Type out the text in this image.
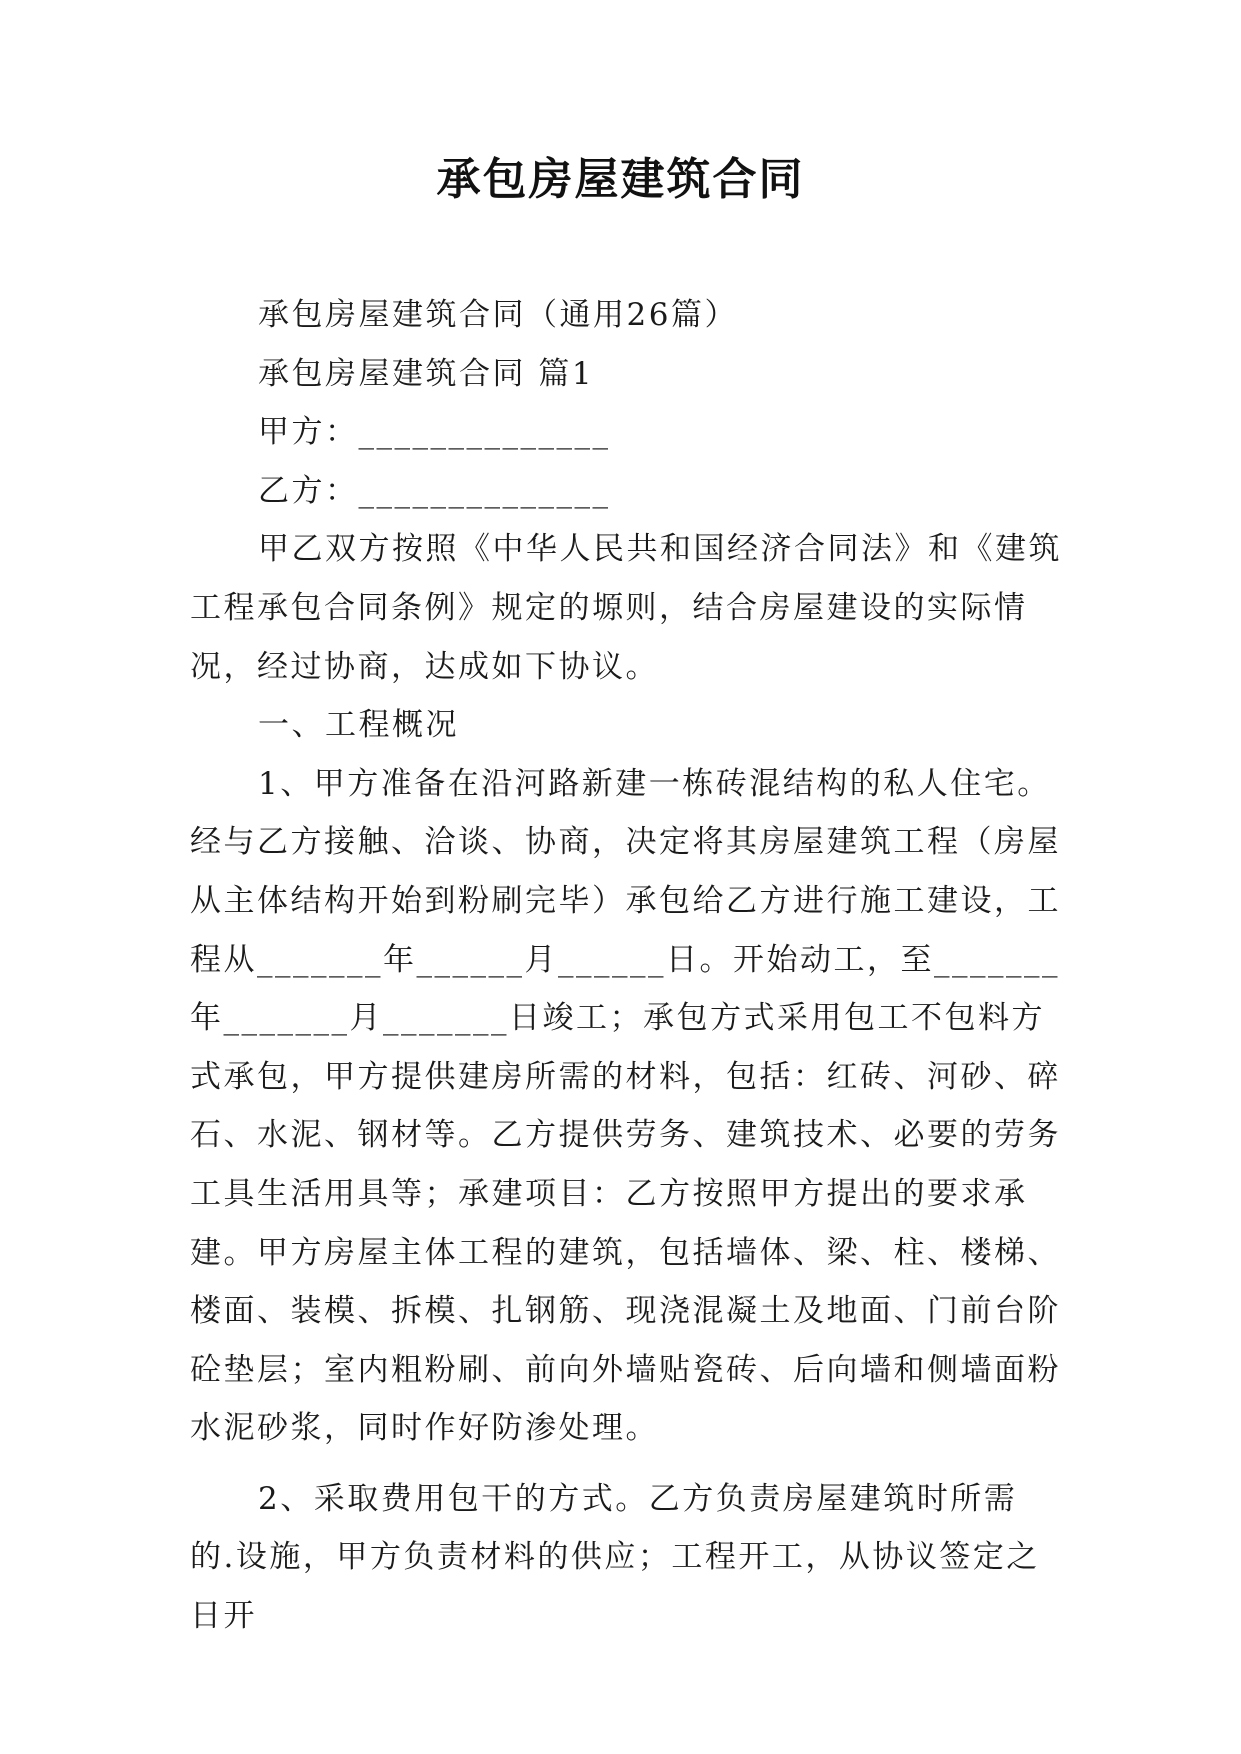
承包房屋建筑合同

承包房屋建筑合同（通用26篇）

承包房屋建筑合同 篇1

甲方：______________

乙方：______________

甲乙双方按照《中华人民共和国经济合同法》和《建筑工程承包合同条例》规定的塬则，结合房屋建设的实际情况，经过协商，达成如下协议。

一、工程概况

1、甲方准备在沿河路新建一栋砖混结构的私人住宅。经与乙方接触、洽谈、协商，决定将其房屋建筑工程（房屋从主体结构开始到粉刷完毕）承包给乙方进行施工建设，工程从_______年______月______日。开始动工，至_______年_______月_______日竣工；承包方式采用包工不包料方式承包，甲方提供建房所需的材料，包括：红砖、河砂、碎石、水泥、钢材等。乙方提供劳务、建筑技术、必要的劳务工具生活用具等；承建项目：乙方按照甲方提出的要求承建。甲方房屋主体工程的建筑，包括墙体、梁、柱、楼梯、楼面、装模、拆模、扎钢筋、现浇混凝土及地面、门前台阶砼垫层；室内粗粉刷、前向外墙贴瓷砖、后向墙和侧墙面粉水泥砂浆，同时作好防渗处理。

2、采取费用包干的方式。乙方负责房屋建筑时所需的.设施，甲方负责材料的供应；工程开工，从协议签定之日开
